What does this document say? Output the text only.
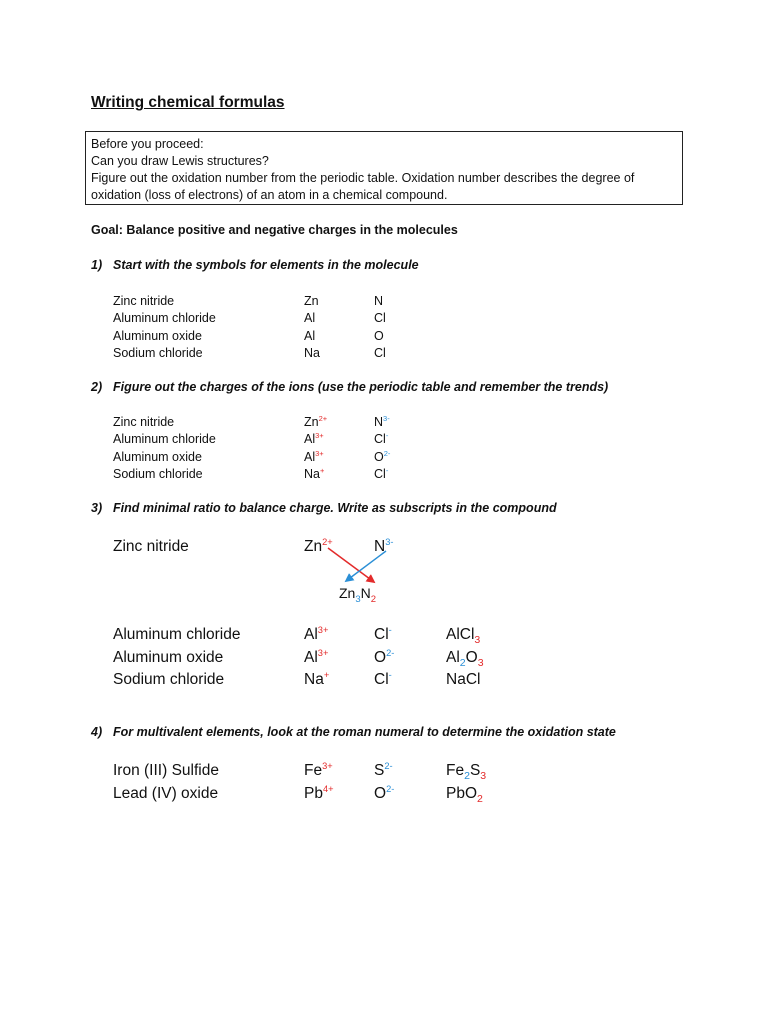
Writing chemical formulas
Before you proceed:
Can you draw Lewis structures?
Figure out the oxidation number from the periodic table. Oxidation number describes the degree of
oxidation (loss of electrons) of an atom in a chemical compound.
Goal: Balance positive and negative charges in the molecules
1) Start with the symbols for elements in the molecule
Zinc nitride
Aluminum chloride
Aluminum oxide
Sodium chloride
Zn
Al
Al
Na
N
Cl
O
Cl
2) Figure out the charges of the ions (use the periodic table and remember the trends)
Zinc nitride
Aluminum chloride
Aluminum oxide
Sodium chloride
$Zn^{2+}$
$Al^{3+}$
$Al^{3+}$
Na+
$N^{3-}$
Cl-
$O^{2-}$
Cl-
3) Find minimal ratio to balance charge. Write as subscripts in the compound
Zinc nitride	$Zn^{2+}$	$N^{3-}$
$Zn_3N_2$
Aluminum chloride
Aluminum oxide
Sodium chloride
$Al^{3+}$
$Al^{3+}$
Na+
Cl-
$O^{2-}$
Cl-
AlCl$_3$
$Al_2O_3$
NaCl
4) For multivalent elements, look at the roman numeral to determine the oxidation state
Iron (III) Sulfide
Lead (IV) oxide
$Fe^{3+}$
$Pb^{4+}$
$S^{2-}$
$O^{2-}$
$Fe_2S_3$
PbO$_2$
